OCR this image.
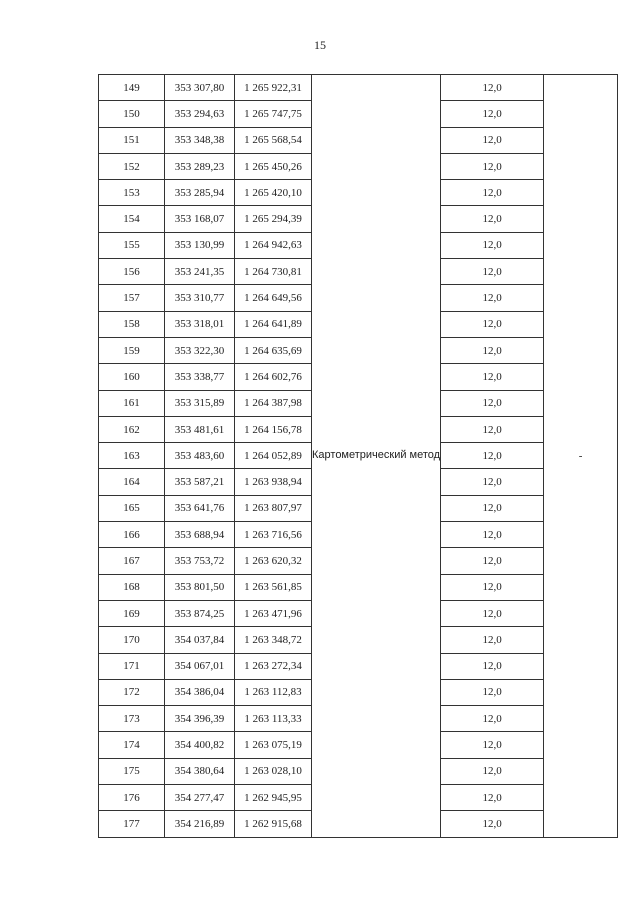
15
149	353 307,80	1 265 922,31	Картометрический метод	12,0	-
150	353 294,63	1 265 747,75		12,0	
151	353 348,38	1 265 568,54		12,0	
152	353 289,23	1 265 450,26		12,0	
153	353 285,94	1 265 420,10		12,0	
154	353 168,07	1 265 294,39		12,0	
155	353 130,99	1 264 942,63		12,0	
156	353 241,35	1 264 730,81		12,0	
157	353 310,77	1 264 649,56		12,0	
158	353 318,01	1 264 641,89		12,0	
159	353 322,30	1 264 635,69		12,0	
160	353 338,77	1 264 602,76		12,0	
161	353 315,89	1 264 387,98		12,0	
162	353 481,61	1 264 156,78		12,0	
163	353 483,60	1 264 052,89		12,0	
164	353 587,21	1 263 938,94		12,0	
165	353 641,76	1 263 807,97		12,0	
166	353 688,94	1 263 716,56		12,0	
167	353 753,72	1 263 620,32		12,0	
168	353 801,50	1 263 561,85		12,0	
169	353 874,25	1 263 471,96		12,0	
170	354 037,84	1 263 348,72		12,0	
171	354 067,01	1 263 272,34		12,0	
172	354 386,04	1 263 112,83		12,0	
173	354 396,39	1 263 113,33		12,0	
174	354 400,82	1 263 075,19		12,0	
175	354 380,64	1 263 028,10		12,0	
176	354 277,47	1 262 945,95		12,0	
177	354 216,89	1 262 915,68		12,0	
